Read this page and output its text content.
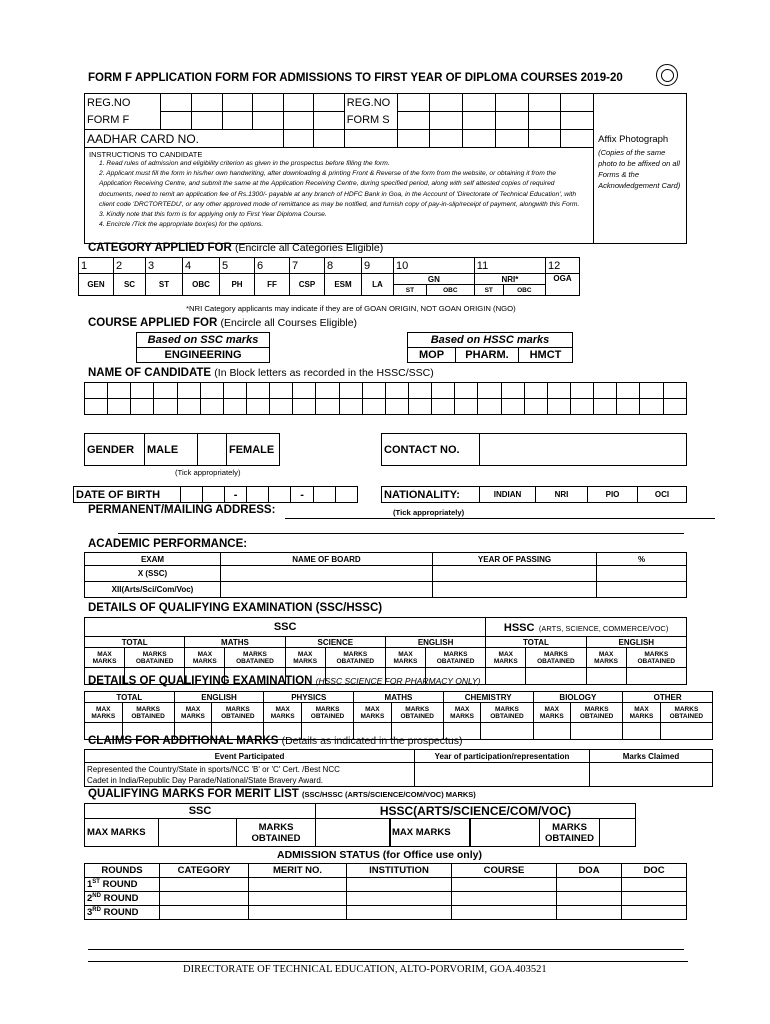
FORM F APPLICATION FORM FOR ADMISSIONS TO FIRST YEAR OF DIPLOMA COURSES 2019-20
REG.NO							REG.NO							Affix Photograph
(Copies of the same photo to be affixed on all Forms & the Acknowledgement Card)

FORM F							FORM S							
AADHAR CARD NO.														

INSTRUCTIONS TO CANDIDATE
1. Read rules of admission and eligibility criterion as given in the prospectus before filling the form.
2. Applicant must fill the form in his/her own handwriting, after downloading & printing Front & Reverse of the form from the website, or obtaining it from the Application Receiving Centre, and submit the same at the Application Receiving Centre, during specified period, along with self attested copies of required documents, need to remit an application fee of Rs.1300/- payable at any branch of HDFC Bank in Goa, in the Account of 'Directorate of Technical Education', with client code 'DRCTORTEDU', or any other approved mode of remittance as may be notified, and furnish copy of pay-in-slip/receipt of payment, alongwith this Form.
3. Kindly note that this form is for applying only to First Year Diploma Course.
4. Encircle /Tick the appropriate box(es) for the options.														
CATEGORY APPLIED FOR (Encircle all Categories Eligible)
1	2	3	4	5	6	7	8	9	10		11		12
GEN	SC	ST	OBC	PH	FF	CSP	ESM	LA	GN		NRI*		OGA
									ST	OBC	ST	OBC	
*NRI Category applicants may indicate if they are of GOAN ORIGIN, NOT GOAN ORIGIN (NGO)
COURSE APPLIED FOR (Encircle all Courses Eligible)
Based on SSC marks
ENGINEERING
Based on HSSC marks
MOP	PHARM.	HMCT
NAME OF CANDIDATE (In Block letters as recorded in the HSSC/SSC)

GENDER	MALE		FEMALE
(Tick appropriately)
CONTACT NO.	
DATE OF BIRTH			-			-			NATIONALITY:	INDIAN	NRI	PIO	OCI
PERMANENT/MAILING ADDRESS:	(Tick appropriately)
ACADEMIC PERFORMANCE:
EXAM	NAME OF BOARD	YEAR OF PASSING	%
X (SSC)			
XII(Arts/Sci/Com/Voc)			
DETAILS OF QUALIFYING EXAMINATION (SSC/HSSC)
SSC								HSSC (ARTS, SCIENCE, COMMERCE/VOC)			
TOTAL		MATHS		SCIENCE		ENGLISH		TOTAL		ENGLISH	
MAX MARKS	MARKS OBATAINED	MAX MARKS	MARKS OBATAINED	MAX MARKS	MARKS OBATAINED	MAX MARKS	MARKS OBATAINED	MAX MARKS	MARKS OBATAINED	MAX MARKS	MARKS OBATAINED

DETAILS OF QUALIFYING EXAMINATION (HSSC SCIENCE FOR PHARMACY ONLY)
TOTAL		ENGLISH		PHYSICS		MATHS		CHEMISTRY		BIOLOGY		OTHER	
MAX MARKS	MARKS OBTAINED	MAX MARKS	MARKS OBTAINED	MAX MARKS	MARKS OBTAINED	MAX MARKS	MARKS OBTAINED	MAX MARKS	MARKS OBTAINED	MAX MARKS	MARKS OBTAINED	MAX MARKS	MARKS OBTAINED

CLAIMS FOR ADDITIONAL MARKS (Details as indicated in the prospectus)
Event Participated	Year of participation/representation	Marks Claimed

Represented the Country/State in sports/NCC 'B' or 'C' Cert. /Best NCC
Cadet in India/Republic Day Parade/National/State Bravery Award.		

QUALIFYING MARKS FOR MERIT LIST (SSC/HSSC (ARTS/SCIENCE/COM/VOC) MARKS)
SSC			HSSC(ARTS/SCIENCE/COM/VOC)		
MAX MARKS		MARKS OBTAINED				MAX MARKS		MARKS OBTAINED	
ADMISSION STATUS (for Office use only)
ROUNDS	CATEGORY	MERIT NO.	INSTITUTION	COURSE	DOA	DOC
1ST ROUND						
2ND ROUND						
3RD ROUND						
DIRECTORATE OF TECHNICAL EDUCATION, ALTO-PORVORIM, GOA.403521
